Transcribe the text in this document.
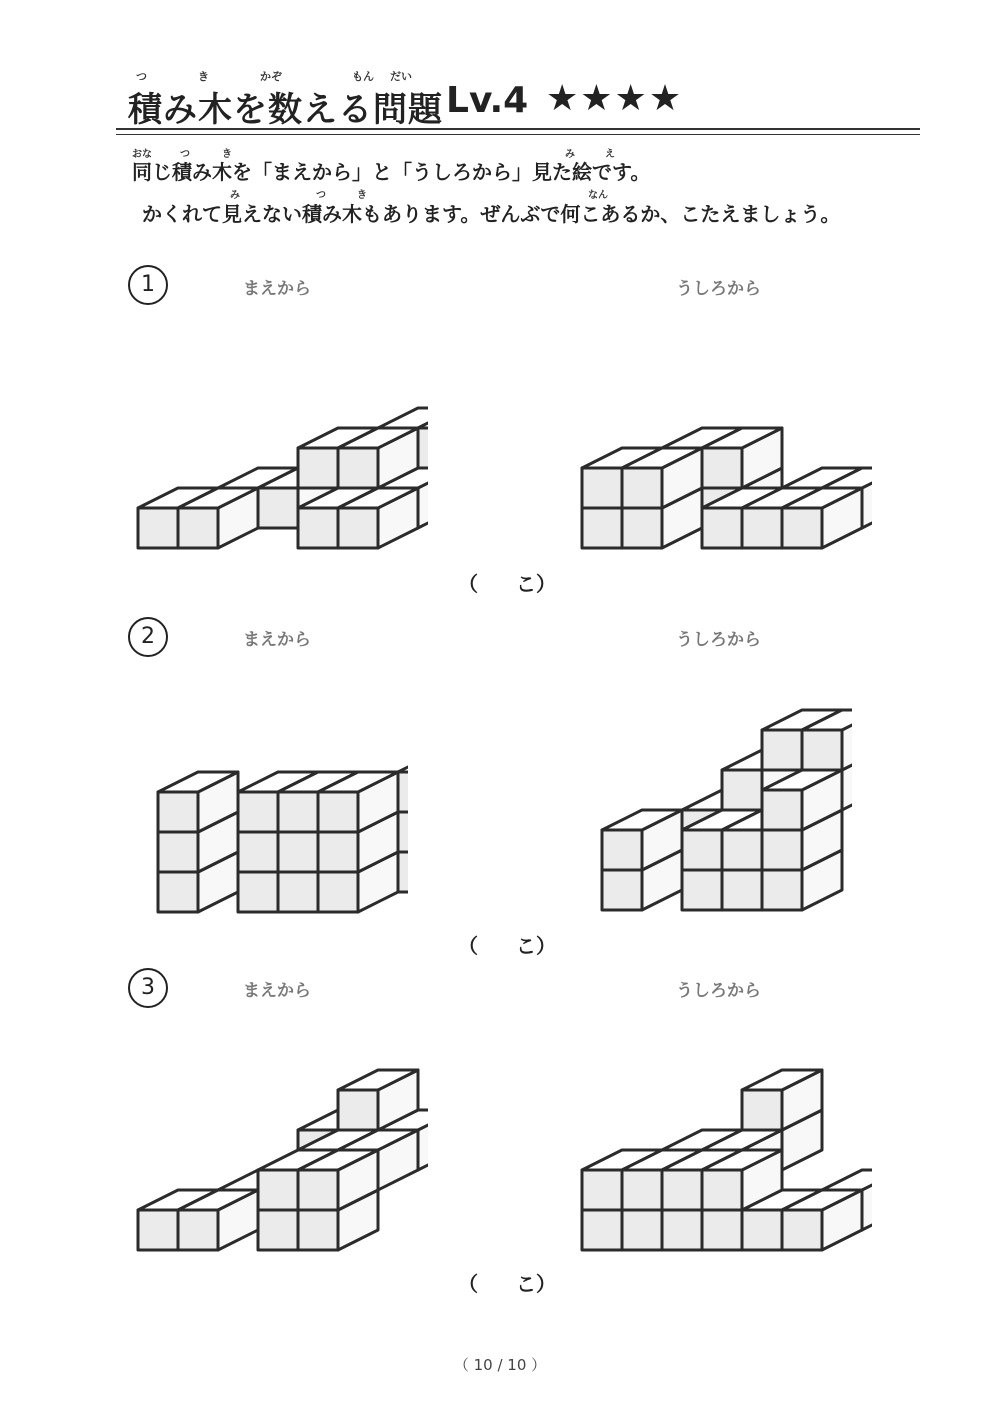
つ	き	かぞ	もん だい
積み木を数える問題 Lv.4 ★★★★
おな	つ	き	み	え
同じ積み木を「まえから」と「うしろから」見た絵です。
み	つ	き	なん
かくれて見えない積み木もあります。ぜんぶで何こあるか、こたえましょう。
1	まえから	うしろから
（ こ）
2	まえから	うしろから
（ こ）
3	まえから	うしろから
（ こ）
（ 10 / 10 ）
